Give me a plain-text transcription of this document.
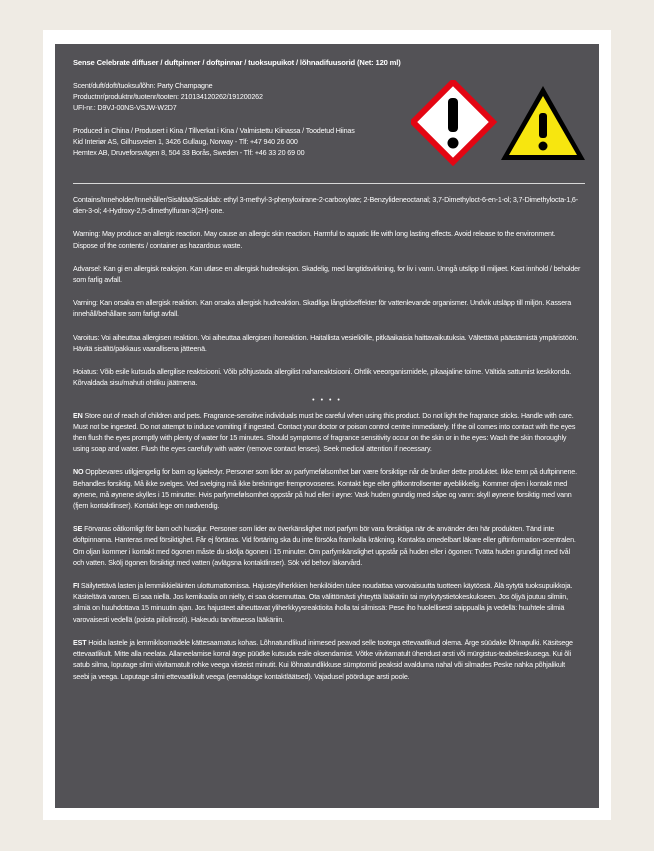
Sense Celebrate diffuser / duftpinner / doftpinnar / tuoksupuikot / lõhnadifuusorid (Net: 120 ml)

Scent/duft/doft/tuoksu/lõhn: Party Champagne
Productnr/produktnr/tuotenr/tooten: 210134120262/191200262
UFI-nr.: D9VJ-00NS-VSJW-W2D7
Produced in China / Produsert i Kina / Tillverkat i Kina / Valmistettu Kiinassa / Toodetud Hiinas
Kid Interiør AS, Gilhusveien 1, 3426 Gullaug, Norway - Tlf: +47 940 26 000
Hemtex AB, Druveforsvägen 8, 504 33 Borås, Sweden - Tlf: +46 33 20 69 00

Contains/Inneholder/Innehåller/Sisältää/Sisaldab: ethyl 3-methyl-3-phenyloxirane-2-carboxylate; 2-Benzylideneoctanal; 3,7-Dimethyloct-6-en-1-ol; 3,7-Dimethylocta-1,6-dien-3-ol; 4-Hydroxy-2,5-dimethylfuran-3(2H)-one.

Warning: May produce an allergic reaction. May cause an allergic skin reaction. Harmful to aquatic life with long lasting effects. Avoid release to the environment. Dispose of the contents / container as hazardous waste.

Advarsel: Kan gi en allergisk reaksjon. Kan utløse en allergisk hudreaksjon. Skadelig, med langtidsvirkning, for liv i vann. Unngå utslipp til miljøet. Kast innhold / beholder som farlig avfall.

Varning: Kan orsaka en allergisk reaktion. Kan orsaka allergisk hudreaktion. Skadliga långtidseffekter för vattenlevande organismer. Undvik utsläpp till miljön. Kassera innehåll/behållare som farligt avfall.

Varoitus: Voi aiheuttaa allergisen reaktion. Voi aiheuttaa allergisen ihoreaktion. Haitallista vesieliöille, pitkäaikaisia haittavaikutuksia. Vältettävä päästämistä ympäristöön. Hävitä sisältö/pakkaus vaarallisena jätteenä.

Hoiatus: Võib esile kutsuda allergilise reaktsiooni. Võib põhjustada allergilist nahareaktsiooni. Ohtlik veeorganismidele, pikaajaline toime. Vältida sattumist keskkonda. Kõrvaldada sisu/mahuti ohtliku jäätmena.

• • • •

EN Store out of reach of children and pets. Fragrance-sensitive individuals must be careful when using this product. Do not light the fragrance sticks. Handle with care. Must not be ingested. Do not attempt to induce vomiting if ingested. Contact your doctor or poison control centre immediately. If the oil comes into contact with the eyes then flush the eyes promptly with plenty of water for 15 minutes. Should symptoms of fragrance sensitivity occur on the skin or in the eyes: Wash the skin thoroughly using soap and water. Flush the eyes carefully with water (remove contact lenses). Seek medical attention if necessary.

NO Oppbevares utilgjengelig for barn og kjæledyr. Personer som lider av parfymefølsomhet bør være forsiktige når de bruker dette produktet. Ikke tenn på duftpinnene. Behandles forsiktig. Må ikke svelges. Ved svelging må ikke brekninger fremprovoseres. Kontakt lege eller giftkontrollsenter øyeblikkelig. Kommer oljen i kontakt med øynene, må øynene skylles i 15 minutter. Hvis parfymefølsomhet oppstår på hud eller i øyne: Vask huden grundig med såpe og vann: skyll øynene forsiktig med vann (fjern kontaktlinser). Kontakt lege om nødvendig.

SE Förvaras oåtkomligt för barn och husdjur. Personer som lider av överkänslighet mot parfym bör vara försiktiga när de använder den här produkten. Tänd inte doftpinnarna. Hanteras med försiktighet. Får ej förtäras. Vid förtäring ska du inte försöka framkalla kräkning. Kontakta omedelbart läkare eller giftinformation-scentralen. Om oljan kommer i kontakt med ögonen måste du skölja ögonen i 15 minuter. Om parfymkänslighet uppstår på huden eller i ögonen: Tvätta huden grundligt med tvål och vatten. Skölj ögonen försiktigt med vatten (avlägsna kontaktlinser). Sök vid behov läkarvård.

FI Säilytettävä lasten ja lemmikkieläinten ulottumattomissa. Hajusteyliherkkien henkilöiden tulee noudattaa varovaisuutta tuotteen käytössä. Älä sytytä tuoksupuikkoja. Käsiteltävä varoen. Ei saa niellä. Jos kemikaalia on nielty, ei saa oksennuttaa. Ota välittömästi yhteyttä lääkäriin tai myrkytystietokeskukseen. Jos öljyä joutuu silmiin, silmiä on huuhdottava 15 minuutin ajan. Jos hajusteet aiheuttavat yliherkkyysreaktioita iholla tai silmissä: Pese iho huolellisesti saippualla ja vedellä: huuhtele silmiä varovaisesti vedellä (poista piilolinssit). Hakeudu tarvittaessa lääkäriin.

EST Hoida lastele ja lemmikloomadele kättesaamatus kohas. Lõhnatundlikud inimesed peavad selle tootega ettevaatlikud olema. Ärge süüdake lõhnapulki. Käsitsege ettevaatlikult. Mitte alla neelata. Allaneelamise korral ärge püüdke kutsuda esile oksendamist. Võtke viivitamatult ühendust arsti või mürgistus-teabekeskusega. Kui õli satub silma, loputage silmi viivitamatult rohke veega viisteist minutit. Kui lõhnatundlikkuse sümptomid peaksid avalduma nahal või silmades Peske nahka põhjalikult seebi ja veega. Loputage silmi ettevaatlikult veega (eemaldage kontaktläätsed). Vajadusel pöörduge arsti poole.
